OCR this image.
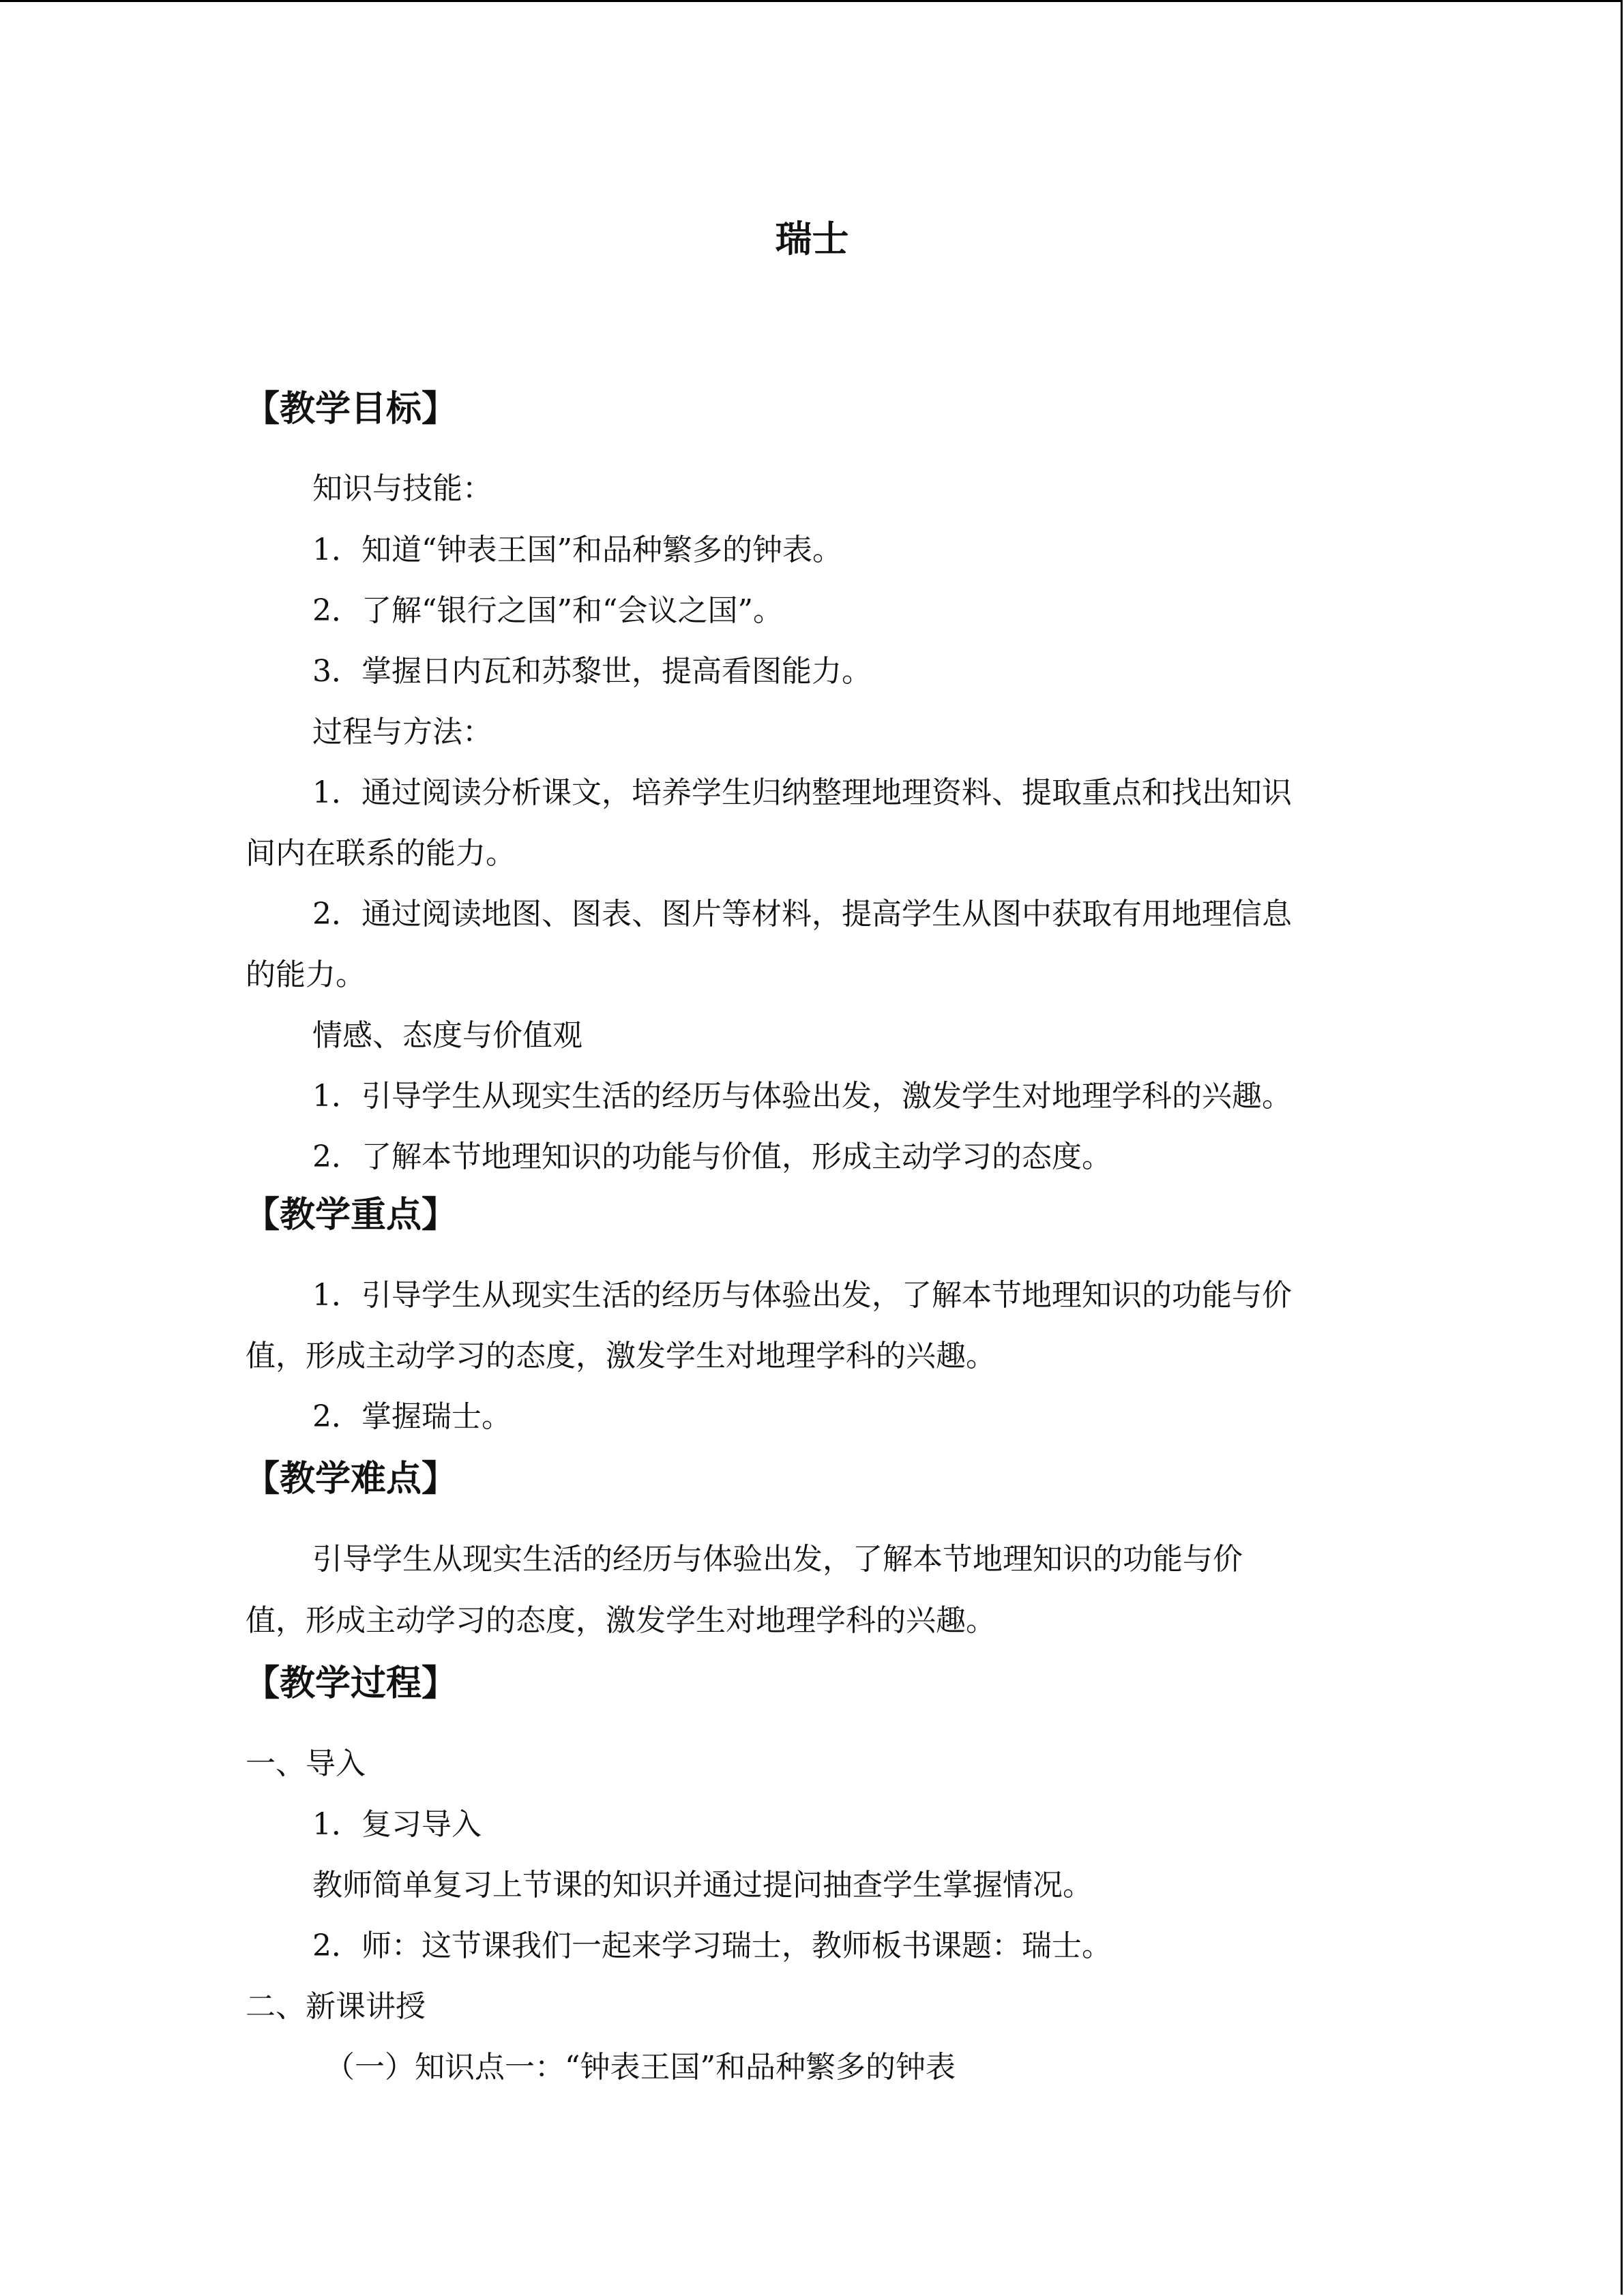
瑞士
【教学目标】
知识与技能：
1．知道“钟表王国”和品种繁多的钟表。
2．了解“银行之国”和“会议之国”。
3．掌握日内瓦和苏黎世，提高看图能力。
过程与方法：
1．通过阅读分析课文，培养学生归纳整理地理资料、提取重点和找出知识
间内在联系的能力。
2．通过阅读地图、图表、图片等材料，提高学生从图中获取有用地理信息
的能力。
情感、态度与价值观
1．引导学生从现实生活的经历与体验出发，激发学生对地理学科的兴趣。
2．了解本节地理知识的功能与价值，形成主动学习的态度。
【教学重点】
1．引导学生从现实生活的经历与体验出发，了解本节地理知识的功能与价
值，形成主动学习的态度，激发学生对地理学科的兴趣。
2．掌握瑞士。
【教学难点】
引导学生从现实生活的经历与体验出发，了解本节地理知识的功能与价
值，形成主动学习的态度，激发学生对地理学科的兴趣。
【教学过程】
一、导入
1．复习导入
教师简单复习上节课的知识并通过提问抽查学生掌握情况。
2．师：这节课我们一起来学习瑞士，教师板书课题：瑞士。
二、新课讲授
（一）知识点一：“钟表王国”和品种繁多的钟表
